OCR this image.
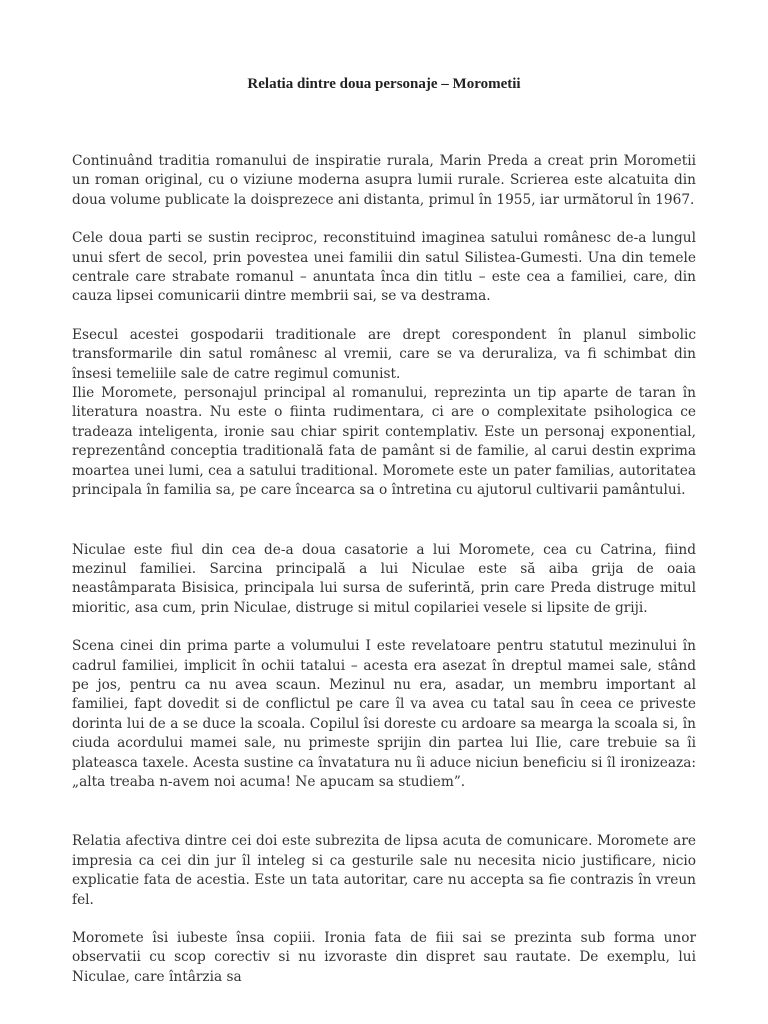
Relatia dintre doua personaje – Morometii

Continuând traditia romanului de inspiratie rurala, Marin Preda a creat prin Morometii un roman original, cu o viziune moderna asupra lumii rurale. Scrierea este alcatuita din doua volume publicate la doisprezece ani distanta, primul în 1955, iar următorul în 1967.

Cele doua parti se sustin reciproc, reconstituind imaginea satului românesc de-a lungul unui sfert de secol, prin povestea unei familii din satul Silistea-Gumesti. Una din temele centrale care strabate romanul – anuntata înca din titlu – este cea a familiei, care, din cauza lipsei comunicarii dintre membrii sai, se va destrama.

Esecul acestei gospodarii traditionale are drept corespondent în planul simbolic transformarile din satul românesc al vremii, care se va deruraliza, va fi schimbat din însesi temeliile sale de catre regimul comunist.

Ilie Moromete, personajul principal al romanului, reprezinta un tip aparte de taran în literatura noastra. Nu este o fiinta rudimentara, ci are o complexitate psihologica ce tradeaza inteligenta, ironie sau chiar spirit contemplativ. Este un personaj exponential, reprezentând conceptia traditională fata de pamânt si de familie, al carui destin exprima moartea unei lumi, cea a satului traditional. Moromete este un pater familias, autoritatea principala în familia sa, pe care încearca sa o întretina cu ajutorul cultivarii pamântului.

Niculae este fiul din cea de-a doua casatorie a lui Moromete, cea cu Catrina, fiind mezinul familiei. Sarcina principală a lui Niculae este să aiba grija de oaia neastâmparata Bisisica, principala lui sursa de suferintă, prin care Preda distruge mitul mioritic, asa cum, prin Niculae, distruge si mitul copilariei vesele si lipsite de griji.

Scena cinei din prima parte a volumului I este revelatoare pentru statutul mezinului în cadrul familiei, implicit în ochii tatalui – acesta era asezat în dreptul mamei sale, stând pe jos, pentru ca nu avea scaun. Mezinul nu era, asadar, un membru important al familiei, fapt dovedit si de conflictul pe care îl va avea cu tatal sau în ceea ce priveste dorinta lui de a se duce la scoala. Copilul îsi doreste cu ardoare sa mearga la scoala si, în ciuda acordului mamei sale, nu primeste sprijin din partea lui Ilie, care trebuie sa îi plateasca taxele. Acesta sustine ca învatatura nu îi aduce niciun beneficiu si îl ironizeaza: „alta treaba n-avem noi acuma! Ne apucam sa studiem”.

Relatia afectiva dintre cei doi este subrezita de lipsa acuta de comunicare. Moromete are impresia ca cei din jur îl inteleg si ca gesturile sale nu necesita nicio justificare, nicio explicatie fata de acestia. Este un tata autoritar, care nu accepta sa fie contrazis în vreun fel.

Moromete îsi iubeste însa copiii. Ironia fata de fiii sai se prezinta sub forma unor observatii cu scop corectiv si nu izvoraste din dispret sau rautate. De exemplu, lui Niculae, care întârzia sa
